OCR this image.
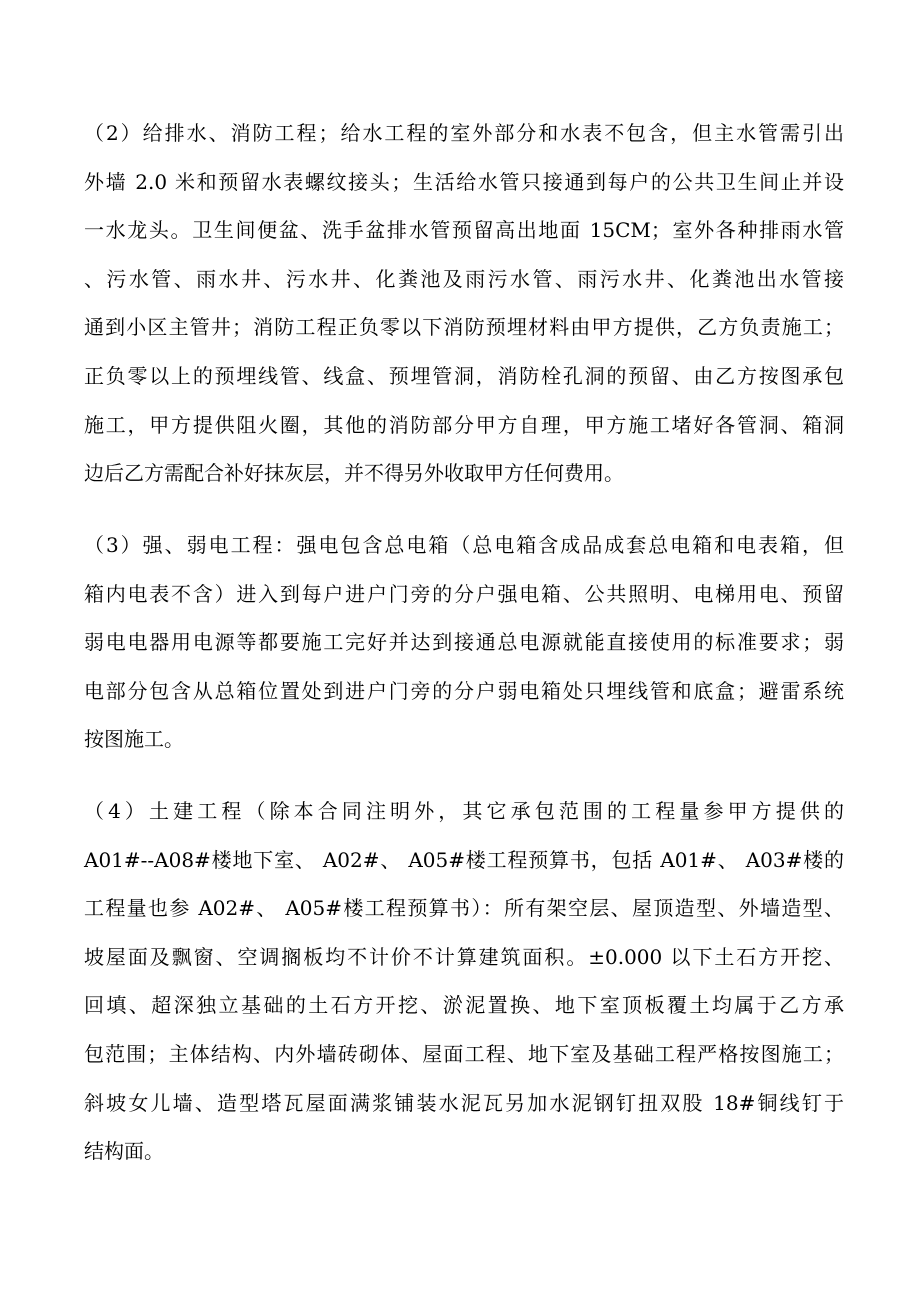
（2）给排水、消防工程；给水工程的室外部分和水表不包含，但主水管需引出
外墙 2.0 米和预留水表螺纹接头；生活给水管只接通到每户的公共卫生间止并设
一水龙头。卫生间便盆、洗手盆排水管预留高出地面 15CM；室外各种排雨水管
、污水管、雨水井、污水井、化粪池及雨污水管、雨污水井、化粪池出水管接
通到小区主管井；消防工程正负零以下消防预埋材料由甲方提供，乙方负责施工；
正负零以上的预埋线管、线盒、预埋管洞，消防栓孔洞的预留、由乙方按图承包
施工，甲方提供阻火圈，其他的消防部分甲方自理，甲方施工堵好各管洞、箱洞
边后乙方需配合补好抹灰层，并不得另外收取甲方任何费用。
（3）强、弱电工程：强电包含总电箱（总电箱含成品成套总电箱和电表箱，但
箱内电表不含）进入到每户进户门旁的分户强电箱、公共照明、电梯用电、预留
弱电电器用电源等都要施工完好并达到接通总电源就能直接使用的标准要求；弱
电部分包含从总箱位置处到进户门旁的分户弱电箱处只埋线管和底盒；避雷系统
按图施工。
（4）土建工程（除本合同注明外，其它承包范围的工程量参甲方提供的
A01#--A08#楼地下室、 A02#、 A05#楼工程预算书，包括 A01#、 A03#楼的
工程量也参 A02#、 A05#楼工程预算书）：所有架空层、屋顶造型、外墙造型、
坡屋面及飘窗、空调搁板均不计价不计算建筑面积。±0.000 以下土石方开挖、
回填、超深独立基础的土石方开挖、淤泥置换、地下室顶板覆土均属于乙方承
包范围；主体结构、内外墙砖砌体、屋面工程、地下室及基础工程严格按图施工；
斜坡女儿墙、造型塔瓦屋面满浆铺装水泥瓦另加水泥钢钉扭双股 18#铜线钉于
结构面。
